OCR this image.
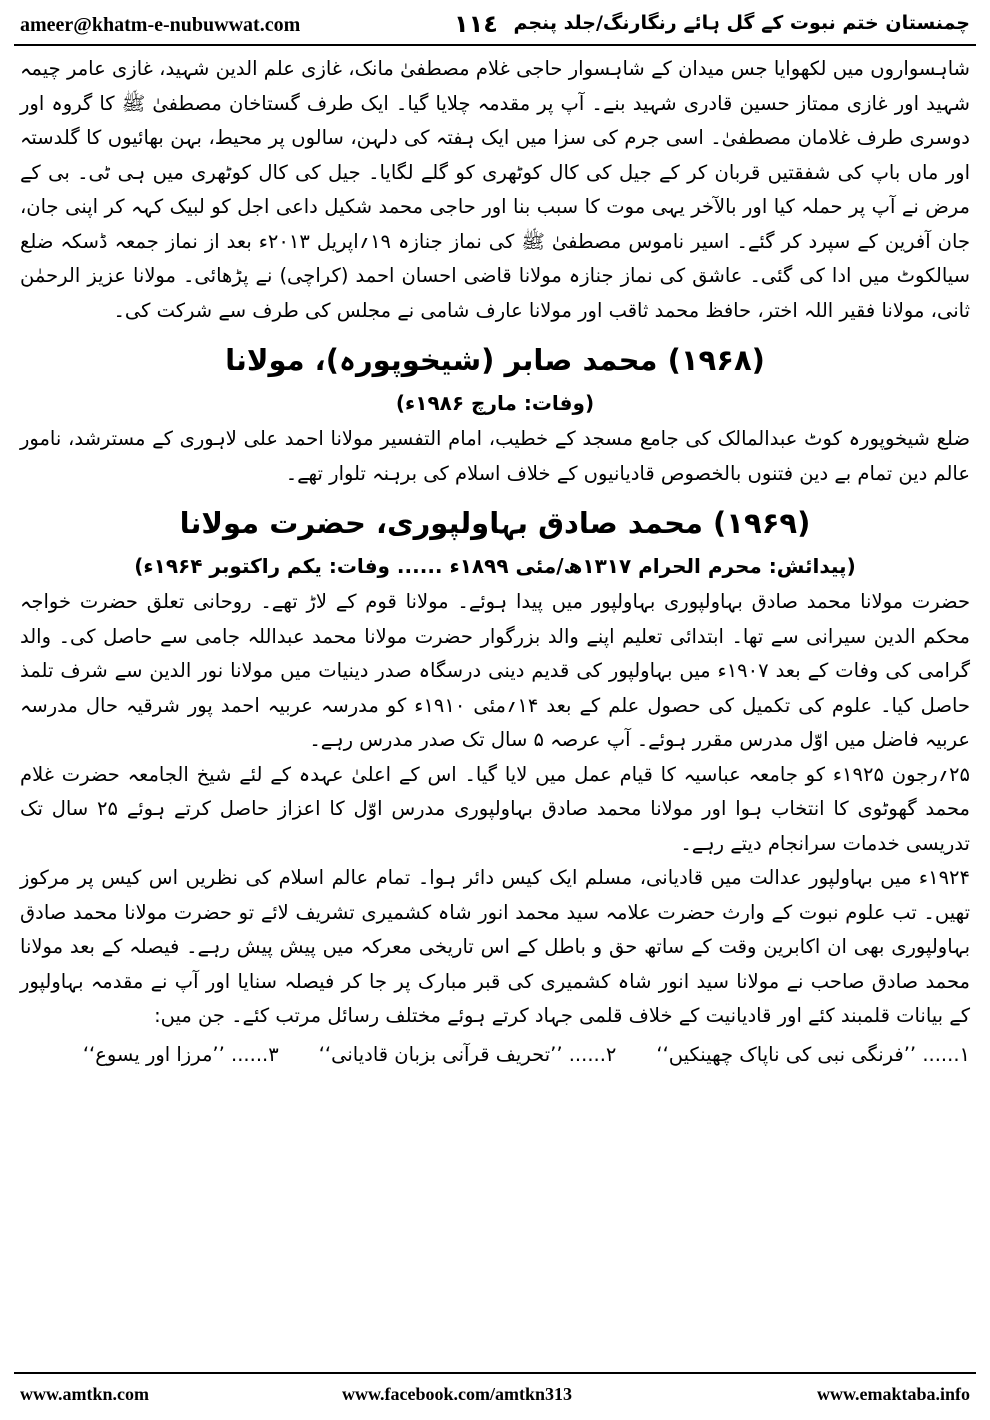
ameer@khatm-e-nubuwwat.com	١١٤ چمنستان ختم نبوت کے گل ہائے رنگارنگ/جلد پنجم

شاہسواروں میں لکھوایا جس میدان کے شاہسوار حاجی غلام مصطفیٰ مانک، غازی علم الدین شہید، غازی عامر چیمہ شہید اور غازی ممتاز حسین قادری شہید بنے۔ آپ پر مقدمہ چلایا گیا۔ ایک طرف گستاخان مصطفیٰ ﷺ کا گروہ اور دوسری طرف غلامان مصطفیٰ۔ اسی جرم کی سزا میں ایک ہفتہ کی دلہن، سالوں پر محیط، بہن بھائیوں کا گلدستہ اور ماں باپ کی شفقتیں قربان کر کے جیل کی کال کوٹھری کو گلے لگایا۔ جیل کی کال کوٹھری میں ہی ٹی۔ بی کے مرض نے آپ پر حملہ کیا اور بالآخر یہی موت کا سبب بنا اور حاجی محمد شکیل داعی اجل کو لبیک کہہ کر اپنی جان، جان آفرین کے سپرد کر گئے۔ اسیر ناموس مصطفیٰ ﷺ کی نماز جنازہ ۱۹؍اپریل ۲۰۱۳ء بعد از نماز جمعہ ڈسکہ ضلع سیالکوٹ میں ادا کی گئی۔ عاشق کی نماز جنازہ مولانا قاضی احسان احمد (کراچی) نے پڑھائی۔ مولانا عزیز الرحمٰن ثانی، مولانا فقیر اللہ اختر، حافظ محمد ثاقب اور مولانا عارف شامی نے مجلس کی طرف سے شرکت کی۔

(۱۹۶۸) محمد صابر (شیخوپورہ)، مولانا
(وفات: مارچ ۱۹۸۶ء)

ضلع شیخوپورہ کوٹ عبدالمالک کی جامع مسجد کے خطیب، امام التفسیر مولانا احمد علی لاہوری کے مسترشد، نامور عالم دین تمام بے دین فتنوں بالخصوص قادیانیوں کے خلاف اسلام کی برہنہ تلوار تھے۔

(۱۹۶۹) محمد صادق بہاولپوری، حضرت مولانا
(پیدائش: محرم الحرام ۱۳۱۷ھ/مئی ۱۸۹۹ء ...... وفات: یکم راکتوبر ۱۹۶۴ء)

حضرت مولانا محمد صادق بہاولپوری بہاولپور میں پیدا ہوئے۔ مولانا قوم کے لاڑ تھے۔ روحانی تعلق حضرت خواجہ محکم الدین سیرانی سے تھا۔ ابتدائی تعلیم اپنے والد بزرگوار حضرت مولانا محمد عبداللہ جامی سے حاصل کی۔ والد گرامی کی وفات کے بعد ۱۹۰۷ء میں بہاولپور کی قدیم دینی درسگاہ صدر دینیات میں مولانا نور الدین سے شرف تلمذ حاصل کیا۔ علوم کی تکمیل کی حصول علم کے بعد ۱۴؍مئی ۱۹۱۰ء کو مدرسہ عربیہ احمد پور شرقیہ حال مدرسہ عربیہ فاضل میں اوّل مدرس مقرر ہوئے۔ آپ عرصہ ۵ سال تک صدر مدرس رہے۔

۲۵؍رجون ۱۹۲۵ء کو جامعہ عباسیہ کا قیام عمل میں لایا گیا۔ اس کے اعلیٰ عہدہ کے لئے شیخ الجامعہ حضرت غلام محمد گھوٹوی کا انتخاب ہوا اور مولانا محمد صادق بہاولپوری مدرس اوّل کا اعزاز حاصل کرتے ہوئے ۲۵ سال تک تدریسی خدمات سرانجام دیتے رہے۔

۱۹۲۴ء میں بہاولپور عدالت میں قادیانی، مسلم ایک کیس دائر ہوا۔ تمام عالم اسلام کی نظریں اس کیس پر مرکوز تھیں۔ تب علوم نبوت کے وارث حضرت علامہ سید محمد انور شاہ کشمیری تشریف لائے تو حضرت مولانا محمد صادق بہاولپوری بھی ان اکابرین وقت کے ساتھ حق و باطل کے اس تاریخی معرکہ میں پیش پیش رہے۔ فیصلہ کے بعد مولانا محمد صادق صاحب نے مولانا سید انور شاہ کشمیری کی قبر مبارک پر جا کر فیصلہ سنایا اور آپ نے مقدمہ بہاولپور کے بیانات قلمبند کئے اور قادیانیت کے خلاف قلمی جہاد کرتے ہوئے مختلف رسائل مرتب کئے۔ جن میں:

۱...... ’’فرنگی نبی کی ناپاک چھینکیں‘‘
۲...... ’’تحریف قرآنی بزبان قادیانی‘‘
۳...... ’’مرزا اور یسوع‘‘
www.amtkn.com	www.facebook.com/amtkn313	www.emaktaba.info
